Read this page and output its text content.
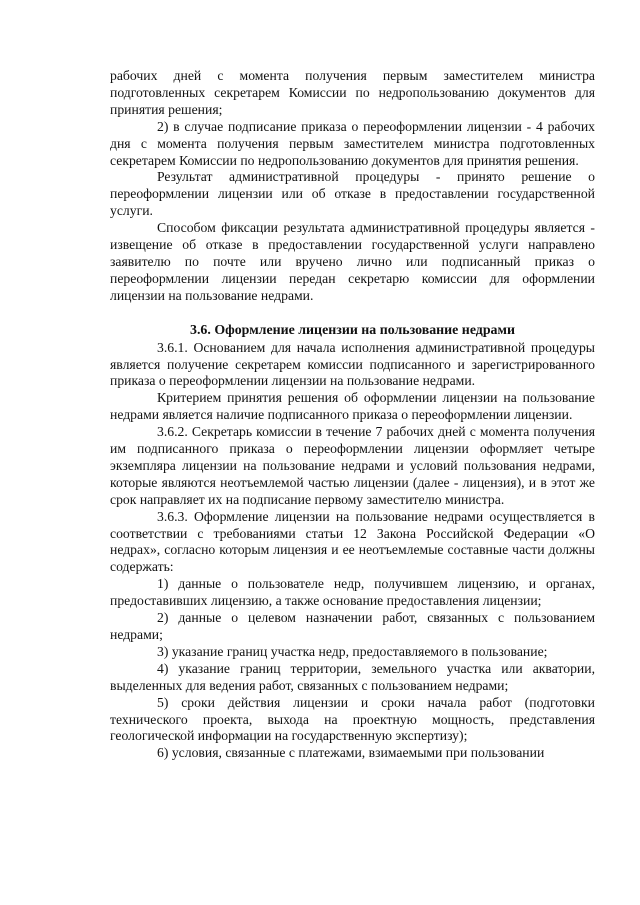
рабочих дней с момента получения первым заместителем министра подготовленных секретарем Комиссии по недропользованию документов для принятия решения;

2) в случае подписание приказа о переоформлении лицензии - 4 рабочих дня с момента получения первым заместителем министра подготовленных секретарем Комиссии по недропользованию документов для принятия решения.

Результат административной процедуры - принято решение о переоформлении лицензии или об отказе в предоставлении государственной услуги.

Способом фиксации результата административной процедуры является - извещение об отказе в предоставлении государственной услуги направлено заявителю по почте или вручено лично или подписанный приказ о переоформлении лицензии передан секретарю комиссии для оформлении лицензии на пользование недрами.

3.6. Оформление лицензии на пользование недрами

3.6.1. Основанием для начала исполнения административной процедуры является получение секретарем комиссии подписанного и зарегистрированного приказа о переоформлении лицензии на пользование недрами.

Критерием принятия решения об оформлении лицензии на пользование недрами является наличие подписанного приказа о переоформлении лицензии.

3.6.2. Секретарь комиссии в течение 7 рабочих дней с момента получения им подписанного приказа о переоформлении лицензии оформляет четыре экземпляра лицензии на пользование недрами и условий пользования недрами, которые являются неотъемлемой частью лицензии (далее - лицензия), и в этот же срок направляет их на подписание первому заместителю министра.

3.6.3. Оформление лицензии на пользование недрами осуществляется в соответствии с требованиями статьи 12 Закона Российской Федерации «О недрах», согласно которым лицензия и ее неотъемлемые составные части должны содержать:

1) данные о пользователе недр, получившем лицензию, и органах, предоставивших лицензию, а также основание предоставления лицензии;

2) данные о целевом назначении работ, связанных с пользованием недрами;

3) указание границ участка недр, предоставляемого в пользование;

4) указание границ территории, земельного участка или акватории, выделенных для ведения работ, связанных с пользованием недрами;

5) сроки действия лицензии и сроки начала работ (подготовки технического проекта, выхода на проектную мощность, представления геологической информации на государственную экспертизу);

6) условия, связанные с платежами, взимаемыми при пользовании
